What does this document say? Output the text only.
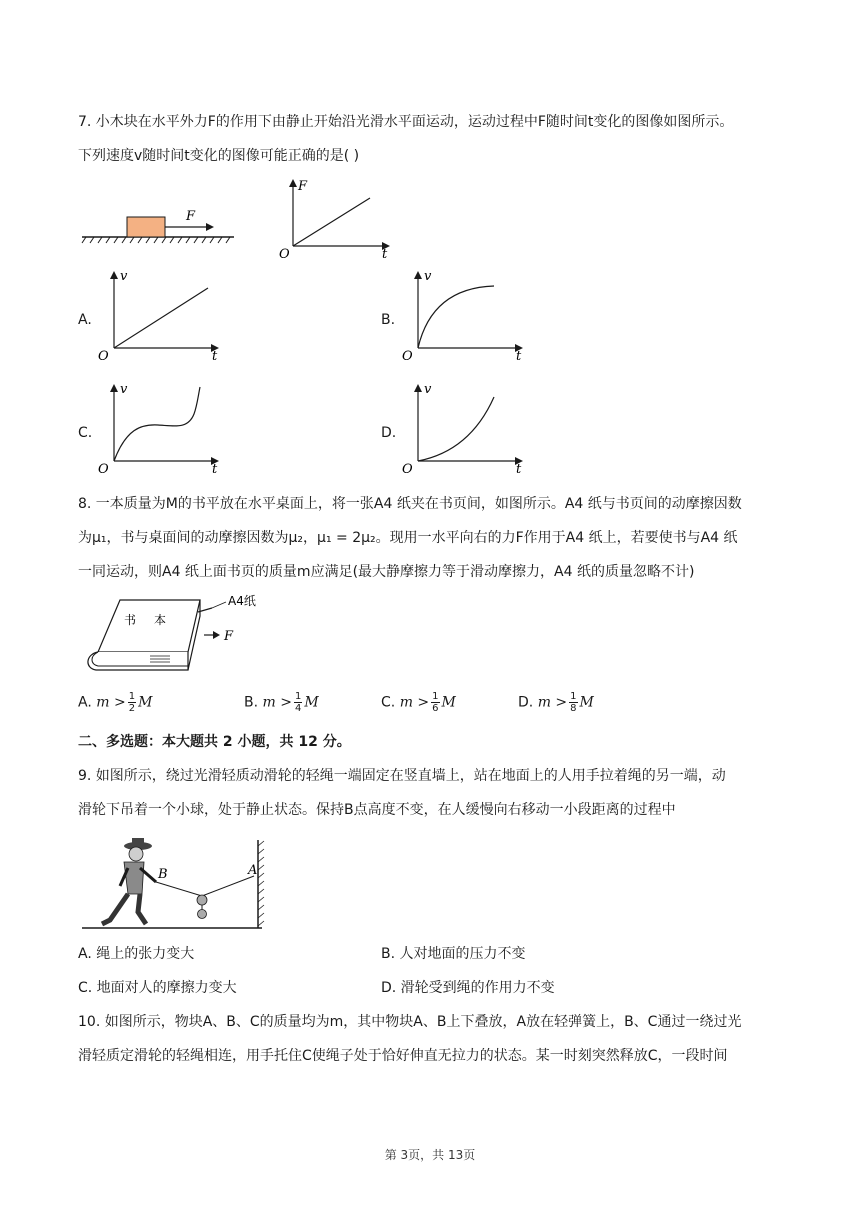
7. 小木块在水平外力F的作用下由静止开始沿光滑水平面运动，运动过程中F随时间t变化的图像如图所示。
下列速度v随时间t变化的图像可能正确的是( )
F
F
O	t
A.
v
O	t
B.
v
O	t
C.
v
O	t
D.
v
O	t
8. 一本质量为M的书平放在水平桌面上，将一张A4 纸夹在书页间，如图所示。A4 纸与书页间的动摩擦因数
为μ₁，书与桌面间的动摩擦因数为μ₂，μ₁ = 2μ₂。现用一水平向右的力F作用于A4 纸上，若要使书与A4 纸
一同运动，则A4 纸上面书页的质量m应满足(最大静摩擦力等于滑动摩擦力，A4 纸的质量忽略不计)
A4纸
F
书 本
A. $m > \frac{1}{2}$ M	B. $m > \frac{1}{4}$ M	C. $m > \frac{1}{6}$ M	D. $m > \frac{1}{8}$ M
二、多选题：本大题共 2 小题，共 12 分。
9. 如图所示，绕过光滑轻质动滑轮的轻绳一端固定在竖直墙上，站在地面上的人用手拉着绳的另一端，动
滑轮下吊着一个小球，处于静止状态。保持B点高度不变，在人缓慢向右移动一小段距离的过程中
B	A
A. 绳上的张力变大	B. 人对地面的压力不变
C. 地面对人的摩擦力变大	D. 滑轮受到绳的作用力不变
10. 如图所示，物块A、B、C的质量均为m，其中物块A、B上下叠放，A放在轻弹簧上，B、C通过一绕过光
滑轻质定滑轮的轻绳相连，用手托住C使绳子处于恰好伸直无拉力的状态。某一时刻突然释放C，一段时间
第 3页，共 13页
